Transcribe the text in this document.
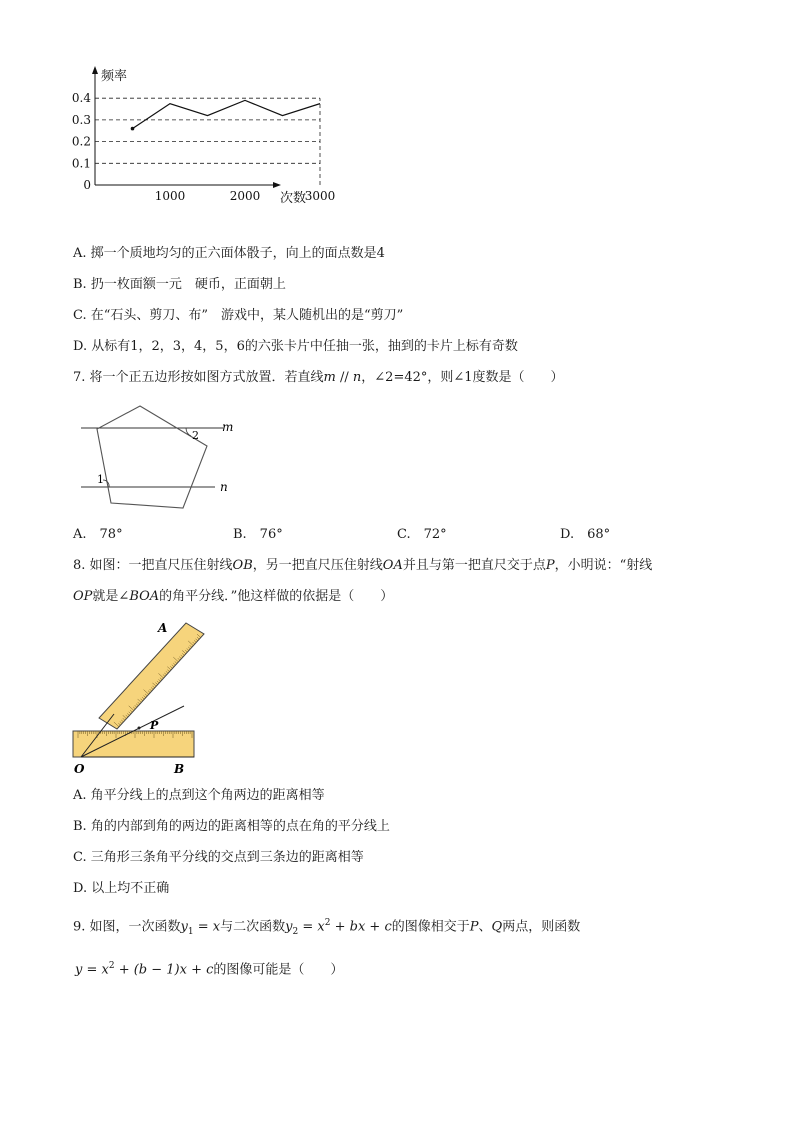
0
0.1
0.2
0.3
0.4
1000	2000	3000
频率
次数
A. 掷一个质地均匀的正六面体骰子，向上的面点数是4
B. 扔一枚面额一元　硬币，正面朝上
C. 在“石头、剪刀、布”　游戏中，某人随机出的是“剪刀”
D. 从标有1，2，3，4，5，6的六张卡片中任抽一张，抽到的卡片上标有奇数
7. 将一个正五边形按如图方式放置．若直线m // n，∠2=42°，则∠1度数是（　　）
2
1
m
n
A.　78°	B.　76°	C.　72°	D.　68°
8. 如图：一把直尺压住射线OB，另一把直尺压住射线OA并且与第一把直尺交于点P，小明说：“射线
OP就是∠BOA的角平分线．”他这样做的依据是（　　）
A
P
O	B
A. 角平分线上的点到这个角两边的距离相等
B. 角的内部到角的两边的距离相等的点在角的平分线上
C. 三角形三条角平分线的交点到三条边的距离相等
D. 以上均不正确
9. 如图，一次函数$y_1 = x$与二次函数$y_2 = x^2$ + bx + c的图像相交于P、Q两点，则函数
$y = x^2 + (b - 1)x + c$的图像可能是（　　）
